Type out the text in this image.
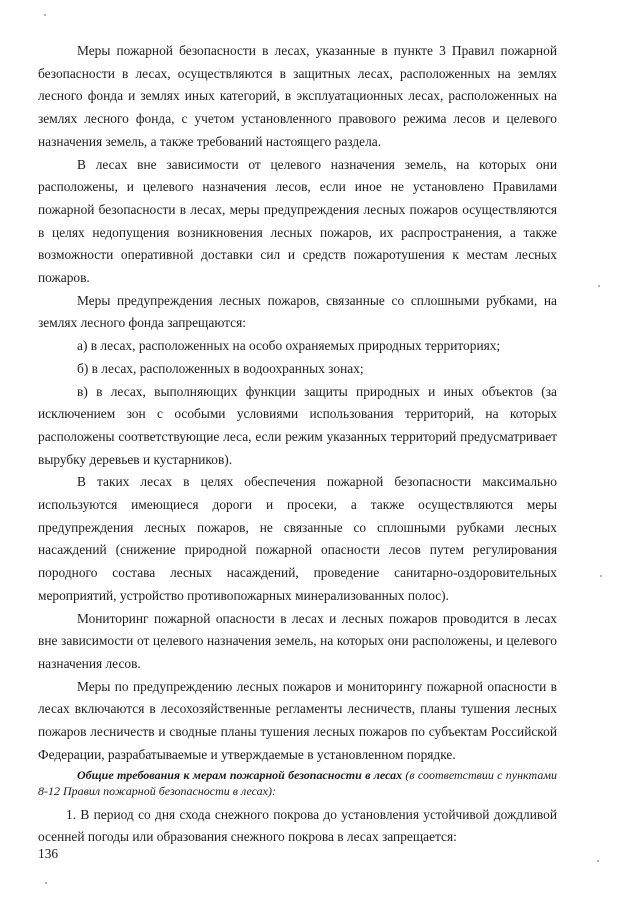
Меры пожарной безопасности в лесах, указанные в пункте 3 Правил пожарной безопасности в лесах, осуществляются в защитных лесах, расположенных на землях лесного фонда и землях иных категорий, в эксплуатационных лесах, расположенных на землях лесного фонда, с учетом установленного правового режима лесов и целевого назначения земель, а также требований настоящего раздела.

В лесах вне зависимости от целевого назначения земель, на которых они расположены, и целевого назначения лесов, если иное не установлено Правилами пожарной безопасности в лесах, меры предупреждения лесных пожаров осуществляются в целях недопущения возникновения лесных пожаров, их распространения, а также возможности оперативной доставки сил и средств пожаротушения к местам лесных пожаров.

Меры предупреждения лесных пожаров, связанные со сплошными рубками, на землях лесного фонда запрещаются:

а) в лесах, расположенных на особо охраняемых природных территориях;

б) в лесах, расположенных в водоохранных зонах;

в) в лесах, выполняющих функции защиты природных и иных объектов (за исключением зон с особыми условиями использования территорий, на которых расположены соответствующие леса, если режим указанных территорий предусматривает вырубку деревьев и кустарников).

В таких лесах в целях обеспечения пожарной безопасности максимально используются имеющиеся дороги и просеки, а также осуществляются меры предупреждения лесных пожаров, не связанные со сплошными рубками лесных насаждений (снижение природной пожарной опасности лесов путем регулирования породного состава лесных насаждений, проведение санитарно-оздоровительных мероприятий, устройство противопожарных минерализованных полос).

Мониторинг пожарной опасности в лесах и лесных пожаров проводится в лесах вне зависимости от целевого назначения земель, на которых они расположены, и целевого назначения лесов.

Меры по предупреждению лесных пожаров и мониторингу пожарной опасности в лесах включаются в лесохозяйственные регламенты лесничеств, планы тушения лесных пожаров лесничеств и сводные планы тушения лесных пожаров по субъектам Российской Федерации, разрабатываемые и утверждаемые в установленном порядке.

Общие требования к мерам пожарной безопасности в лесах (в соответствии с пунктами 8-12 Правил пожарной безопасности в лесах):

1. В период со дня схода снежного покрова до установления устойчивой дождливой осенней погоды или образования снежного покрова в лесах запрещается:

136
